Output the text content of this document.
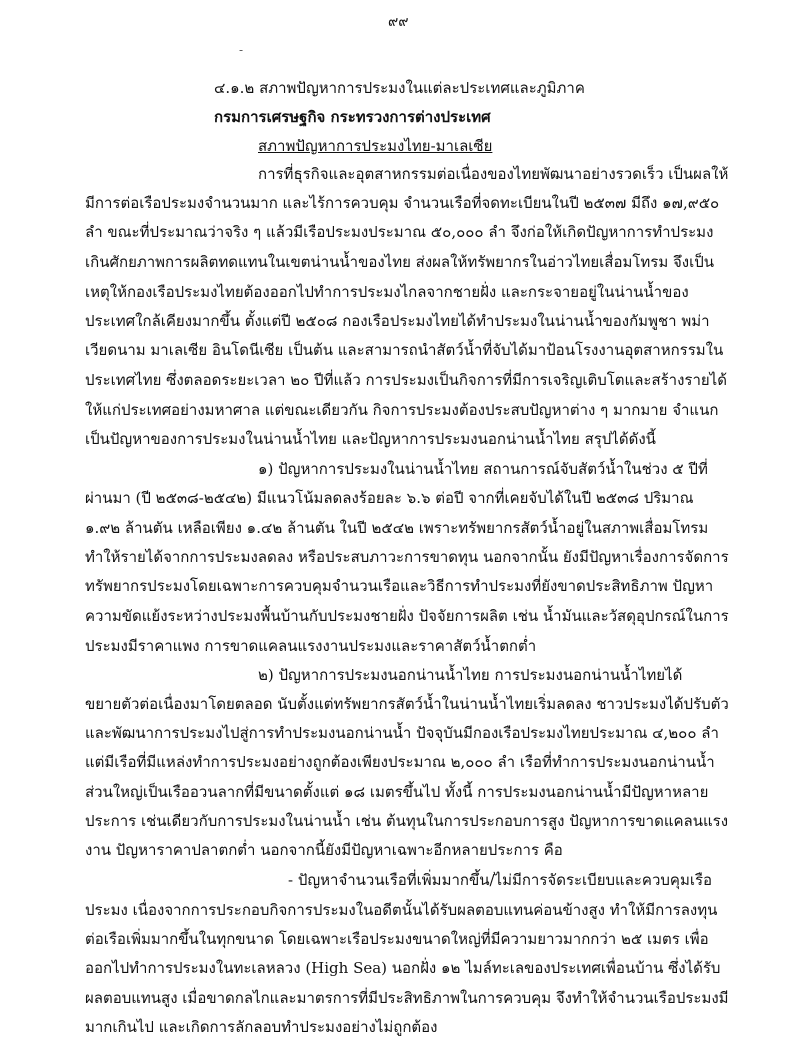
๙๙
-
๔.๑.๒ สภาพปัญหาการประมงในแต่ละประเทศและภูมิภาค
กรมการเศรษฐกิจ กระทรวงการต่างประเทศ
สภาพปัญหาการประมงไทย-มาเลเซีย
การที่ธุรกิจและอุตสาหกรรมต่อเนื่องของไทยพัฒนาอย่างรวดเร็ว เป็นผลให้
มีการต่อเรือประมงจำนวนมาก และไร้การควบคุม จำนวนเรือที่จดทะเบียนในปี ๒๕๓๗ มีถึง ๑๗,๙๕๐
ลำ ขณะที่ประมาณว่าจริง ๆ แล้วมีเรือประมงประมาณ ๕๐,๐๐๐ ลำ จึงก่อให้เกิดปัญหาการทำประมง
เกินศักยภาพการผลิตทดแทนในเขตน่านน้ำของไทย ส่งผลให้ทรัพยากรในอ่าวไทยเสื่อมโทรม จึงเป็น
เหตุให้กองเรือประมงไทยต้องออกไปทำการประมงไกลจากชายฝั่ง และกระจายอยู่ในน่านน้ำของ
ประเทศใกล้เคียงมากขึ้น ตั้งแต่ปี ๒๕๐๘ กองเรือประมงไทยได้ทำประมงในน่านน้ำของกัมพูชา พม่า
เวียดนาม มาเลเซีย อินโดนีเซีย เป็นต้น และสามารถนำสัตว์น้ำที่จับได้มาป้อนโรงงานอุตสาหกรรมใน
ประเทศไทย ซึ่งตลอดระยะเวลา ๒๐ ปีที่แล้ว การประมงเป็นกิจการที่มีการเจริญเติบโตและสร้างรายได้
ให้แก่ประเทศอย่างมหาศาล แต่ขณะเดียวกัน กิจการประมงต้องประสบปัญหาต่าง ๆ มากมาย จำแนก
เป็นปัญหาของการประมงในน่านน้ำไทย และปัญหาการประมงนอกน่านน้ำไทย สรุปได้ดังนี้
๑) ปัญหาการประมงในน่านน้ำไทย สถานการณ์จับสัตว์น้ำในช่วง ๕ ปีที่
ผ่านมา (ปี ๒๕๓๘-๒๕๔๒) มีแนวโน้มลดลงร้อยละ ๖.๖ ต่อปี จากที่เคยจับได้ในปี ๒๕๓๘ ปริมาณ
๑.๙๒ ล้านตัน เหลือเพียง ๑.๔๒ ล้านตัน ในปี ๒๕๔๒ เพราะทรัพยากรสัตว์น้ำอยู่ในสภาพเสื่อมโทรม
ทำให้รายได้จากการประมงลดลง หรือประสบภาวะการขาดทุน นอกจากนั้น ยังมีปัญหาเรื่องการจัดการ
ทรัพยากรประมงโดยเฉพาะการควบคุมจำนวนเรือและวิธีการทำประมงที่ยังขาดประสิทธิภาพ ปัญหา
ความขัดแย้งระหว่างประมงพื้นบ้านกับประมงชายฝั่ง ปัจจัยการผลิต เช่น น้ำมันและวัสดุอุปกรณ์ในการ
ประมงมีราคาแพง การขาดแคลนแรงงานประมงและราคาสัตว์น้ำตกต่ำ
๒) ปัญหาการประมงนอกน่านน้ำไทย การประมงนอกน่านน้ำไทยได้
ขยายตัวต่อเนื่องมาโดยตลอด นับตั้งแต่ทรัพยากรสัตว์น้ำในน่านน้ำไทยเริ่มลดลง ชาวประมงได้ปรับตัว
และพัฒนาการประมงไปสู่การทำประมงนอกน่านน้ำ ปัจจุบันมีกองเรือประมงไทยประมาณ ๔,๒๐๐ ลำ
แต่มีเรือที่มีแหล่งทำการประมงอย่างถูกต้องเพียงประมาณ ๒,๐๐๐ ลำ เรือที่ทำการประมงนอกน่านน้ำ
ส่วนใหญ่เป็นเรืออวนลากที่มีขนาดตั้งแต่ ๑๘ เมตรขึ้นไป ทั้งนี้ การประมงนอกน่านน้ำมีปัญหาหลาย
ประการ เช่นเดียวกับการประมงในน่านน้ำ เช่น ต้นทุนในการประกอบการสูง ปัญหาการขาดแคลนแรง
งาน ปัญหาราคาปลาตกต่ำ นอกจากนี้ยังมีปัญหาเฉพาะอีกหลายประการ คือ
- ปัญหาจำนวนเรือที่เพิ่มมากขึ้น/ไม่มีการจัดระเบียบและควบคุมเรือ
ประมง เนื่องจากการประกอบกิจการประมงในอดีตนั้นได้รับผลตอบแทนค่อนข้างสูง ทำให้มีการลงทุน
ต่อเรือเพิ่มมากขึ้นในทุกขนาด โดยเฉพาะเรือประมงขนาดใหญ่ที่มีความยาวมากกว่า ๒๕ เมตร เพื่อ
ออกไปทำการประมงในทะเลหลวง (High Sea) นอกฝั่ง ๑๒ ไมล์ทะเลของประเทศเพื่อนบ้าน ซึ่งได้รับ
ผลตอบแทนสูง เมื่อขาดกลไกและมาตรการที่มีประสิทธิภาพในการควบคุม จึงทำให้จำนวนเรือประมงมี
มากเกินไป และเกิดการลักลอบทำประมงอย่างไม่ถูกต้อง
